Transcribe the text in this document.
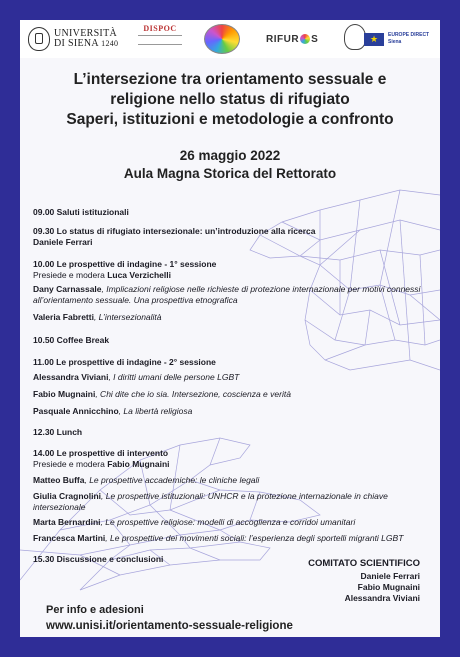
UNIVERSITÀ
DI SIENA 1240
DISPOC
RIFUR S
★	EUROPE DIRECT
Siena
L’intersezione tra orientamento sessuale e
religione nello status di rifugiato
Saperi, istituzioni e metodologie a confronto
26 maggio 2022
Aula Magna Storica del Rettorato
09.00 Saluti istituzionali
09.30 Lo status di rifugiato intersezionale: un’introduzione alla ricerca
Daniele Ferrari
10.00 Le prospettive di indagine - 1° sessione
Presiede e modera Luca Verzichelli
Dany Carnassale, Implicazioni religiose nelle richieste di protezione internazionale per motivi connessi all’orientamento sessuale. Una prospettiva etnografica
Valeria Fabretti, L’intersezionalità
10.50 Coffee Break
11.00 Le prospettive di indagine - 2° sessione
Alessandra Viviani, I diritti umani delle persone LGBT
Fabio Mugnaini, Chi dite che io sia. Intersezione, coscienza e verità
Pasquale Annicchino, La libertà religiosa
12.30 Lunch
14.00 Le prospettive di intervento
Presiede e modera Fabio Mugnaini
Matteo Buffa, Le prospettive accademiche: le cliniche legali
Giulia Cragnolini, Le prospettive istituzionali: UNHCR e la protezione internazionale in chiave intersezionale
Marta Bernardini, Le prospettive religiose: modelli di accoglienza e corridoi umanitari
Francesca Martini, Le prospettive dei movimenti sociali: l’esperienza degli sportelli migranti LGBT
15.30 Discussione e conclusioni	COMITATO SCIENTIFICO
Daniele Ferrari
Fabio Mugnaini
Alessandra Viviani
Per info e adesioni
www.unisi.it/orientamento-sessuale-religione
